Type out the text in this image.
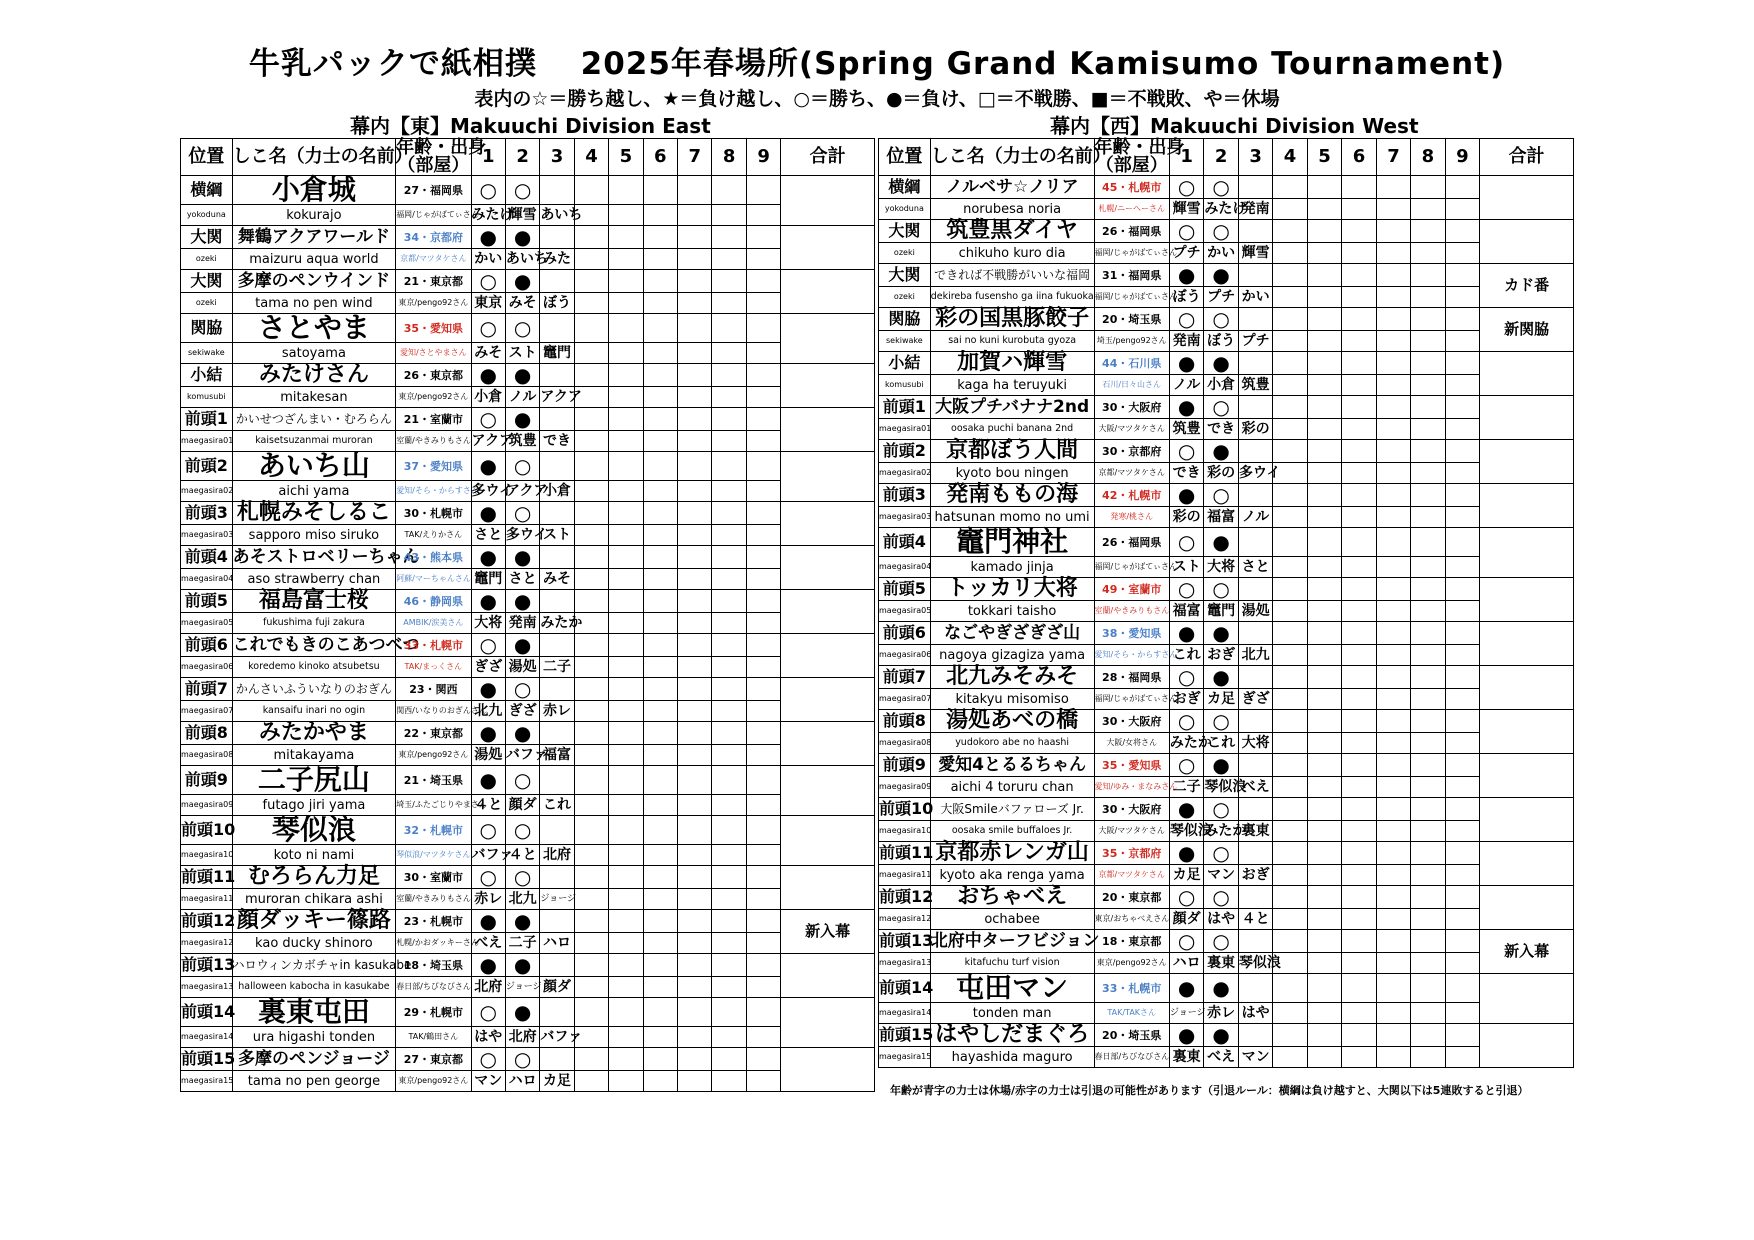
牛乳パックで紙相撲　 2025年春場所(Spring Grand Kamisumo Tournament)
表内の☆＝勝ち越し、★＝負け越し、○＝勝ち、●＝負け、□＝不戦勝、■＝不戦敗、や＝休場
幕内【東】Makuuchi Division East	幕内【西】Makuuchi Division West
位置	しこ名（力士の名前）	年齢・出身
（部屋）	1	2	3	4	5	6	7	8	9	合計
横綱	小倉城	27・福岡県	○	○								
yokoduna	kokurajo	福岡/じゃがばてぃさん	みたけ	輝雪	あいち							
大関	舞鶴アクアワールド	34・京都府	●	●								
ozeki	maizuru aqua world	京都/マツタケさん	かい	あいち	みた							
大関	多摩のペンウインド	21・東京都	○	●								
ozeki	tama no pen wind	東京/pengo92さん	東京	みそ	ぼう							
関脇	さとやま	35・愛知県	○	○								
sekiwake	satoyama	愛知/さとやまさん	みそ	スト	竈門							
小結	みたけさん	26・東京都	●	●								
komusubi	mitakesan	東京/pengo92さん	小倉	ノル	アクア							
前頭1	かいせつざんまい・むろらん	21・室蘭市	○	●								
maegasira01	kaisetsuzanmai muroran	室蘭/やきみりもさん	アクア	筑豊	でき							
前頭2	あいち山	37・愛知県	●	○								
maegasira02	aichi yama	愛知/そら・からすさん	多ウイ	アクア	小倉							
前頭3	札幌みそしるこ	30・札幌市	●	○								
maegasira03	sapporo miso siruko	TAK/えりかさん	さと	多ウイ	スト							
前頭4	あそストロベリーちゃん	43・熊本県	●	●								
maegasira04	aso strawberry chan	阿蘇/マーちゃんさん	竈門	さと	みそ							
前頭5	福島富士桜	46・静岡県	●	●								
maegasira05	fukushima fuji zakura	AMBIK/涙美さん	大将	発南	みたか							
前頭6	これでもきのこあつべつ	33・札幌市	○	●								
maegasira06	koredemo kinoko atsubetsu	TAK/まっくさん	ぎざ	湯処	二子							
前頭7	かんさいふういなりのおぎん	23・関西	●	○								
maegasira07	kansaifu inari no ogin	関西/いなりのおぎんさん	北九	ぎざ	赤レ							
前頭8	みたかやま	22・東京都	●	●								
maegasira08	mitakayama	東京/pengo92さん	湯処	バファ	福富							
前頭9	二子尻山	21・埼玉県	●	○								
maegasira09	futago jiri yama	埼玉/ふたごじりやまさん	４と	顔ダ	これ							
前頭10	琴似浪	32・札幌市	○	○								
maegasira10	koto ni nami	琴似浪/マツタケさん	バファ	４と	北府							
前頭11	むろらん力足	30・室蘭市	○	○								
maegasira11	muroran chikara ashi	室蘭/やきみりもさん	赤レ	北九	ジョージ							
前頭12	顔ダッキー篠路	23・札幌市	●	●								新入幕
maegasira12	kao ducky shinoro	札幌/かおダッキーさん	べえ	二子	ハロ							
前頭13	ハロウィンカボチャin kasukabe	18・埼玉県	●	●								
maegasira13	halloween kabocha in kasukabe	春日部/ちびなびさん	北府	ジョージ	顔ダ							
前頭14	裏東屯田	29・札幌市	○	●								
maegasira14	ura higashi tonden	TAK/鶴田さん	はや	北府	バファ							
前頭15	多摩のペンジョージ	27・東京都	○	○								
maegasira15	tama no pen george	東京/pengo92さん	マン	ハロ	カ足							
位置	しこ名（力士の名前）	年齢・出身
（部屋）	1	2	3	4	5	6	7	8	9	合計
横綱	ノルベサ☆ノリア	45・札幌市	○	○								
yokoduna	norubesa noria	札幌/ニーヘーさん	輝雪	みたけ	発南							
大関	筑豊黒ダイヤ	26・福岡県	○	○								
ozeki	chikuho kuro dia	福岡/じゃがばてぃさん	プチ	かい	輝雪							
大関	できれば不戦勝がいいな福岡	31・福岡県	●	●								カド番
ozeki	dekireba fusensho ga iina fukuoka	福岡/じゃがばてぃさん	ぼう	プチ	かい							
関脇	彩の国黒豚餃子	20・埼玉県	○	○								新関脇
sekiwake	sai no kuni kurobuta gyoza	埼玉/pengo92さん	発南	ぼう	プチ							
小結	加賀ハ輝雪	44・石川県	●	●								
komusubi	kaga ha teruyuki	石川/日々山さん	ノル	小倉	筑豊							
前頭1	大阪プチバナナ2nd	30・大阪府	●	○								
maegasira01	oosaka puchi banana 2nd	大阪/マツタケさん	筑豊	でき	彩の							
前頭2	京都ぼう人間	30・京都府	○	●								
maegasira02	kyoto bou ningen	京都/マツタケさん	でき	彩の	多ウイ							
前頭3	発南ももの海	42・札幌市	●	○								
maegasira03	hatsunan momo no umi	発寒/桃さん	彩の	福富	ノル							
前頭4	竈門神社	26・福岡県	○	●								
maegasira04	kamado jinja	福岡/じゃがばてぃさん	スト	大将	さと							
前頭5	トッカリ大将	49・室蘭市	○	○								
maegasira05	tokkari taisho	室蘭/やきみりもさん	福富	竈門	湯処							
前頭6	なごやぎざぎざ山	38・愛知県	●	●								
maegasira06	nagoya gizagiza yama	愛知/そら・からすさん	これ	おぎ	北九							
前頭7	北九みそみそ	28・福岡県	○	●								
maegasira07	kitakyu misomiso	福岡/じゃがばてぃさん	おぎ	カ足	ぎざ							
前頭8	湯処あべの橋	30・大阪府	○	○								
maegasira08	yudokoro abe no haashi	大阪/女将さん	みたか	これ	大将							
前頭9	愛知4とるるちゃん	35・愛知県	○	●								
maegasira09	aichi 4 toruru chan	愛知/ゆみ・まなみさん	二子	琴似浪	べえ							
前頭10	大阪Smileバファローズ Jr.	30・大阪府	●	○								
maegasira10	oosaka smile buffaloes Jr.	大阪/マツタケさん	琴似浪	みたか	裏東							
前頭11	京都赤レンガ山	35・京都府	●	○								
maegasira11	kyoto aka renga yama	京都/マツタケさん	カ足	マン	おぎ							
前頭12	おちゃべえ	20・東京都	○	○								
maegasira12	ochabee	東京/おちゃべえさん	顔ダ	はや	４と							
前頭13	北府中ターフビジョン	18・東京都	○	○								新入幕
maegasira13	kitafuchu turf vision	東京/pengo92さん	ハロ	裏東	琴似浪							
前頭14	屯田マン	33・札幌市	●	●								
maegasira14	tonden man	TAK/TAKさん	ジョージ	赤レ	はや							
前頭15	はやしだまぐろ	20・埼玉県	●	●								
maegasira15	hayashida maguro	春日部/ちびなびさん	裏東	べえ	マン							
年齢が青字の力士は休場/赤字の力士は引退の可能性があります（引退ルール：横綱は負け越すと、大関以下は5連敗すると引退）
